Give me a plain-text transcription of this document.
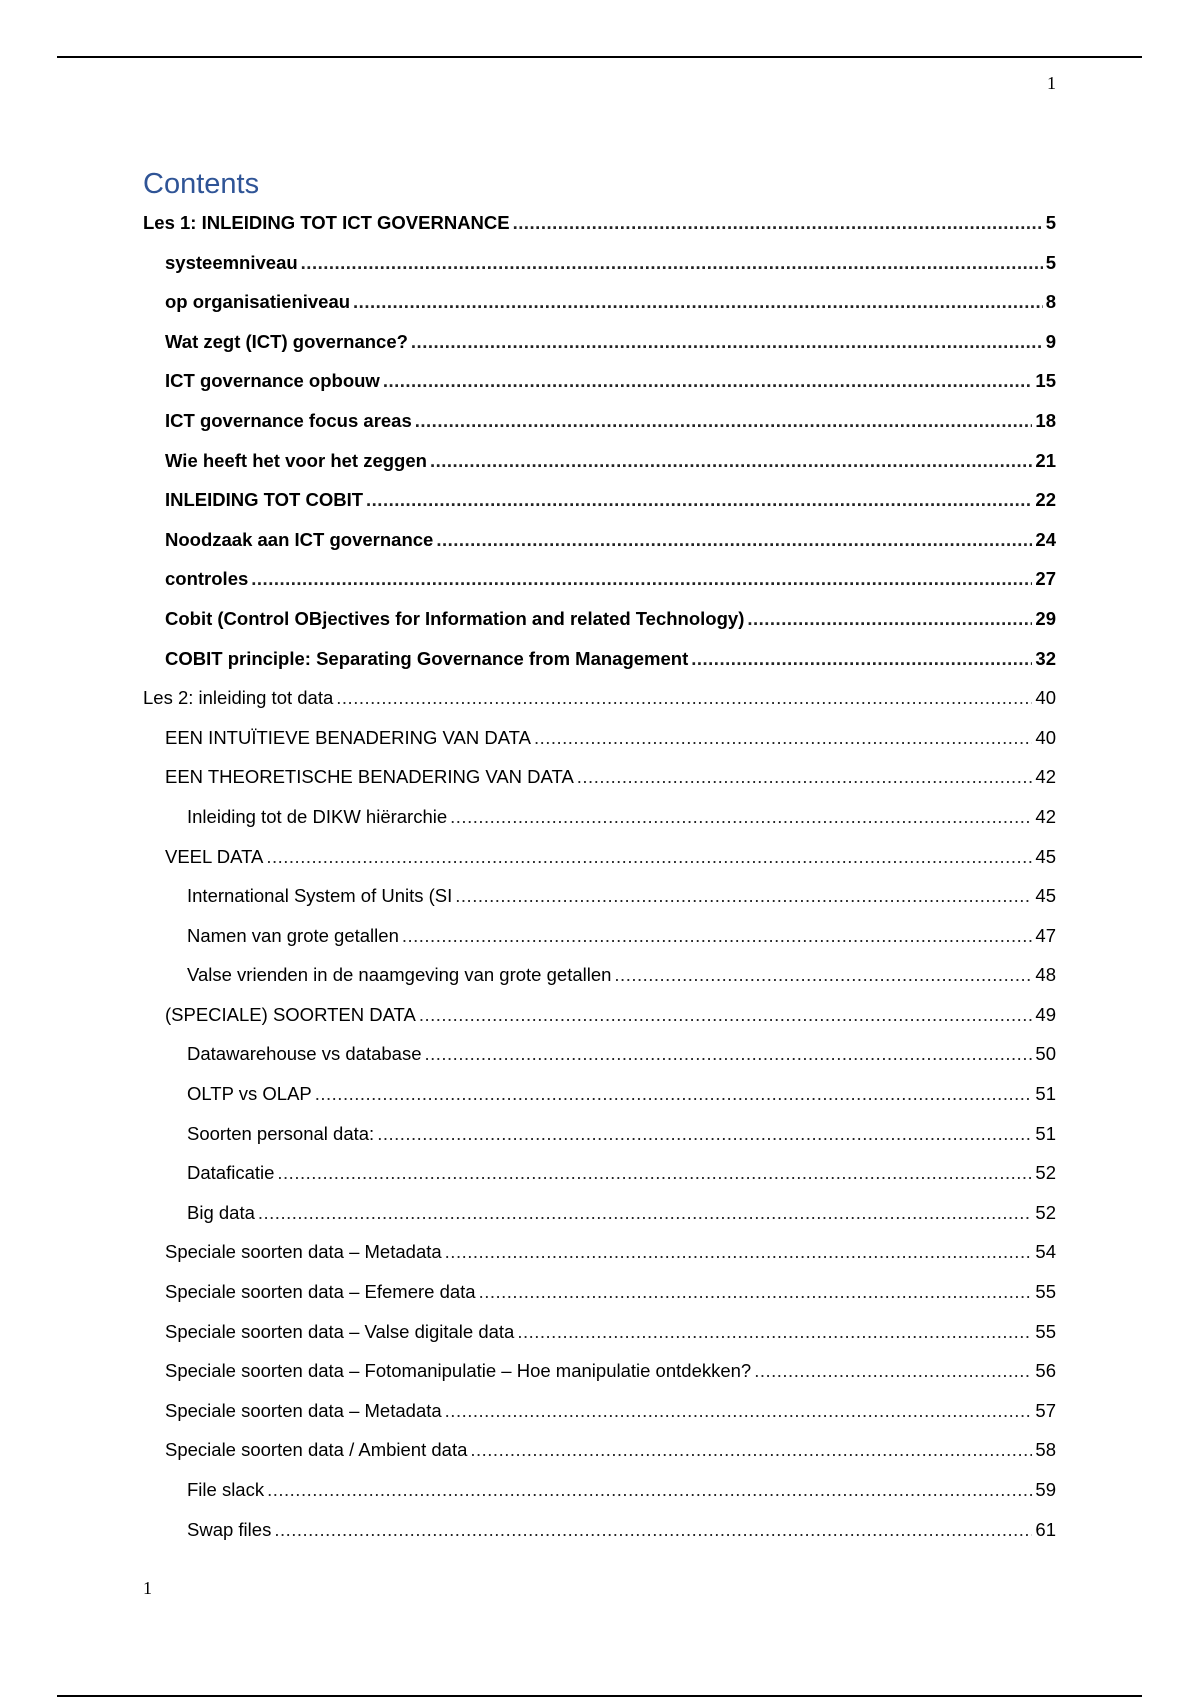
1
Contents
Les 1: INLEIDING TOT ICT GOVERNANCE .....	5
systeemniveau .....	5
op organisatieniveau .....	8
Wat zegt (ICT) governance? .....	9
ICT governance opbouw .....	15
ICT governance focus areas .....	18
Wie heeft het voor het zeggen .....	21
INLEIDING TOT COBIT .....	22
Noodzaak aan ICT governance .....	24
controles .....	27
Cobit (Control OBjectives for Information and related Technology) .....	29
COBIT principle: Separating Governance from Management .....	32
Les 2: inleiding tot data .....	40
EEN INTUÏTIEVE BENADERING VAN DATA .....	40
EEN THEORETISCHE BENADERING VAN DATA .....	42
Inleiding tot de DIKW hiërarchie .....	42
VEEL DATA .....	45
International System of Units (SI .....	45
Namen van grote getallen .....	47
Valse vrienden in de naamgeving van grote getallen .....	48
(SPECIALE) SOORTEN DATA .....	49
Datawarehouse vs database .....	50
OLTP vs OLAP .....	51
Soorten personal data: .....	51
Dataficatie .....	52
Big data .....	52
Speciale soorten data – Metadata .....	54
Speciale soorten data – Efemere data .....	55
Speciale soorten data – Valse digitale data .....	55
Speciale soorten data – Fotomanipulatie – Hoe manipulatie ontdekken? .....	56
Speciale soorten data – Metadata .....	57
Speciale soorten data / Ambient data .....	58
File slack .....	59
Swap files .....	61
1
